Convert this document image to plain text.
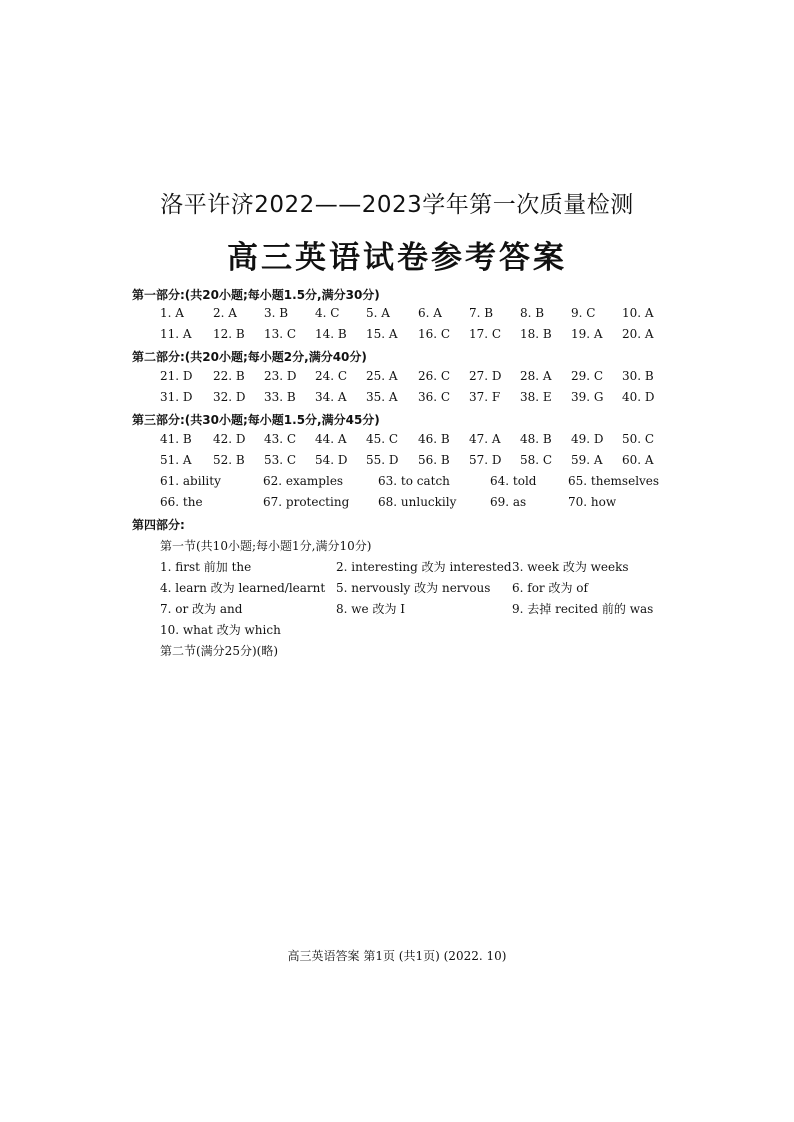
洛平许济2022——2023学年第一次质量检测
高三英语试卷参考答案
第一部分:(共20小题;每小题1.5分,满分30分)
1. A 2. A 3. B 4. C 5. A 6. A 7. B 8. B 9. C 10. A
11. A 12. B 13. C 14. B 15. A 16. C 17. C 18. B 19. A 20. A
第二部分:(共20小题;每小题2分,满分40分)
21. D 22. B 23. D 24. C 25. A 26. C 27. D 28. A 29. C 30. B
31. D 32. D 33. B 34. A 35. A 36. C 37. F 38. E 39. G 40. D
第三部分:(共30小题;每小题1.5分,满分45分)
41. B 42. D 43. C 44. A 45. C 46. B 47. A 48. B 49. D 50. C
51. A 52. B 53. C 54. D 55. D 56. B 57. D 58. C 59. A 60. A
61. ability	62. examples	63. to catch	64. told	65. themselves
66. the	67. protecting 68. unluckily	69. as	70. how
第四部分:
第一节(共10小题;每小题1分,满分10分)
1. first 前加 the	2. interesting 改为 interested 3. week 改为 weeks
4. learn 改为 learned/learnt 5. nervously 改为 nervous 6. for 改为 of
7. or 改为 and	8. we 改为 I	9. 去掉 recited 前的 was
10. what 改为 which
第二节(满分25分)(略)
高三英语答案 第1页 (共1页) (2022. 10)
